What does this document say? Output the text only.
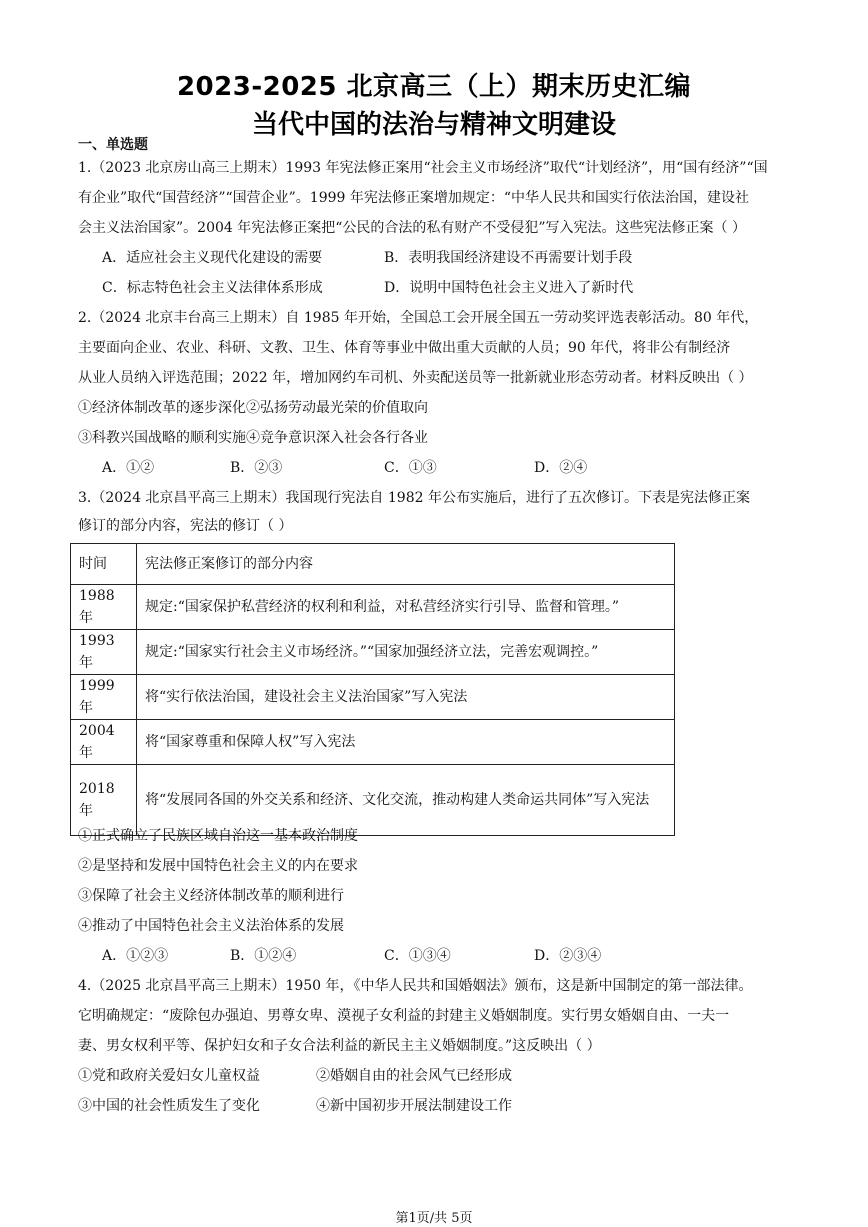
2023-2025 北京高三（上）期末历史汇编
当代中国的法治与精神文明建设
一、单选题
1.（2023 北京房山高三上期末）1993 年宪法修正案用“社会主义市场经济”取代“计划经济”，用“国有经济”“国
有企业”取代“国营经济”“国营企业”。1999 年宪法修正案增加规定：“中华人民共和国实行依法治国，建设社
会主义法治国家”。2004 年宪法修正案把“公民的合法的私有财产不受侵犯”写入宪法。这些宪法修正案（ ）
A．适应社会主义现代化建设的需要	B．表明我国经济建设不再需要计划手段
C．标志特色社会主义法律体系形成	D．说明中国特色社会主义进入了新时代
2.（2024 北京丰台高三上期末）自 1985 年开始，全国总工会开展全国五一劳动奖评选表彰活动。80 年代，
主要面向企业、农业、科研、文教、卫生、体育等事业中做出重大贡献的人员；90 年代，将非公有制经济
从业人员纳入评选范围；2022 年，增加网约车司机、外卖配送员等一批新就业形态劳动者。材料反映出（ ）
①经济体制改革的逐步深化②弘扬劳动最光荣的价值取向
③科教兴国战略的顺利实施④竞争意识深入社会各行各业
A．①②	B．②③	C．①③	D．②④
3.（2024 北京昌平高三上期末）我国现行宪法自 1982 年公布实施后，进行了五次修订。下表是宪法修正案
修订的部分内容，宪法的修订（ ）
时间	宪法修正案修订的部分内容
1988 年	规定:“国家保护私营经济的权利和利益，对私营经济实行引导、监督和管理。”
1993 年	规定:“国家实行社会主义市场经济。”“国家加强经济立法，完善宏观调控。”
1999 年	将“实行依法治国，建设社会主义法治国家”写入宪法
2004 年	将“国家尊重和保障人权”写入宪法
2018 年	将“发展同各国的外交关系和经济、文化交流，推动构建人类命运共同体”写入宪法
①正式确立了民族区域自治这一基本政治制度
②是坚持和发展中国特色社会主义的内在要求
③保障了社会主义经济体制改革的顺利进行
④推动了中国特色社会主义法治体系的发展
A．①②③	B．①②④	C．①③④	D．②③④
4.（2025 北京昌平高三上期末）1950 年，《中华人民共和国婚姻法》颁布，这是新中国制定的第一部法律。
它明确规定：“废除包办强迫、男尊女卑、漠视子女利益的封建主义婚姻制度。实行男女婚姻自由、一夫一
妻、男女权利平等、保护妇女和子女合法利益的新民主主义婚姻制度。”这反映出（ ）
①党和政府关爱妇女儿童权益	②婚姻自由的社会风气已经形成
③中国的社会性质发生了变化	④新中国初步开展法制建设工作
第1页/共 5页
